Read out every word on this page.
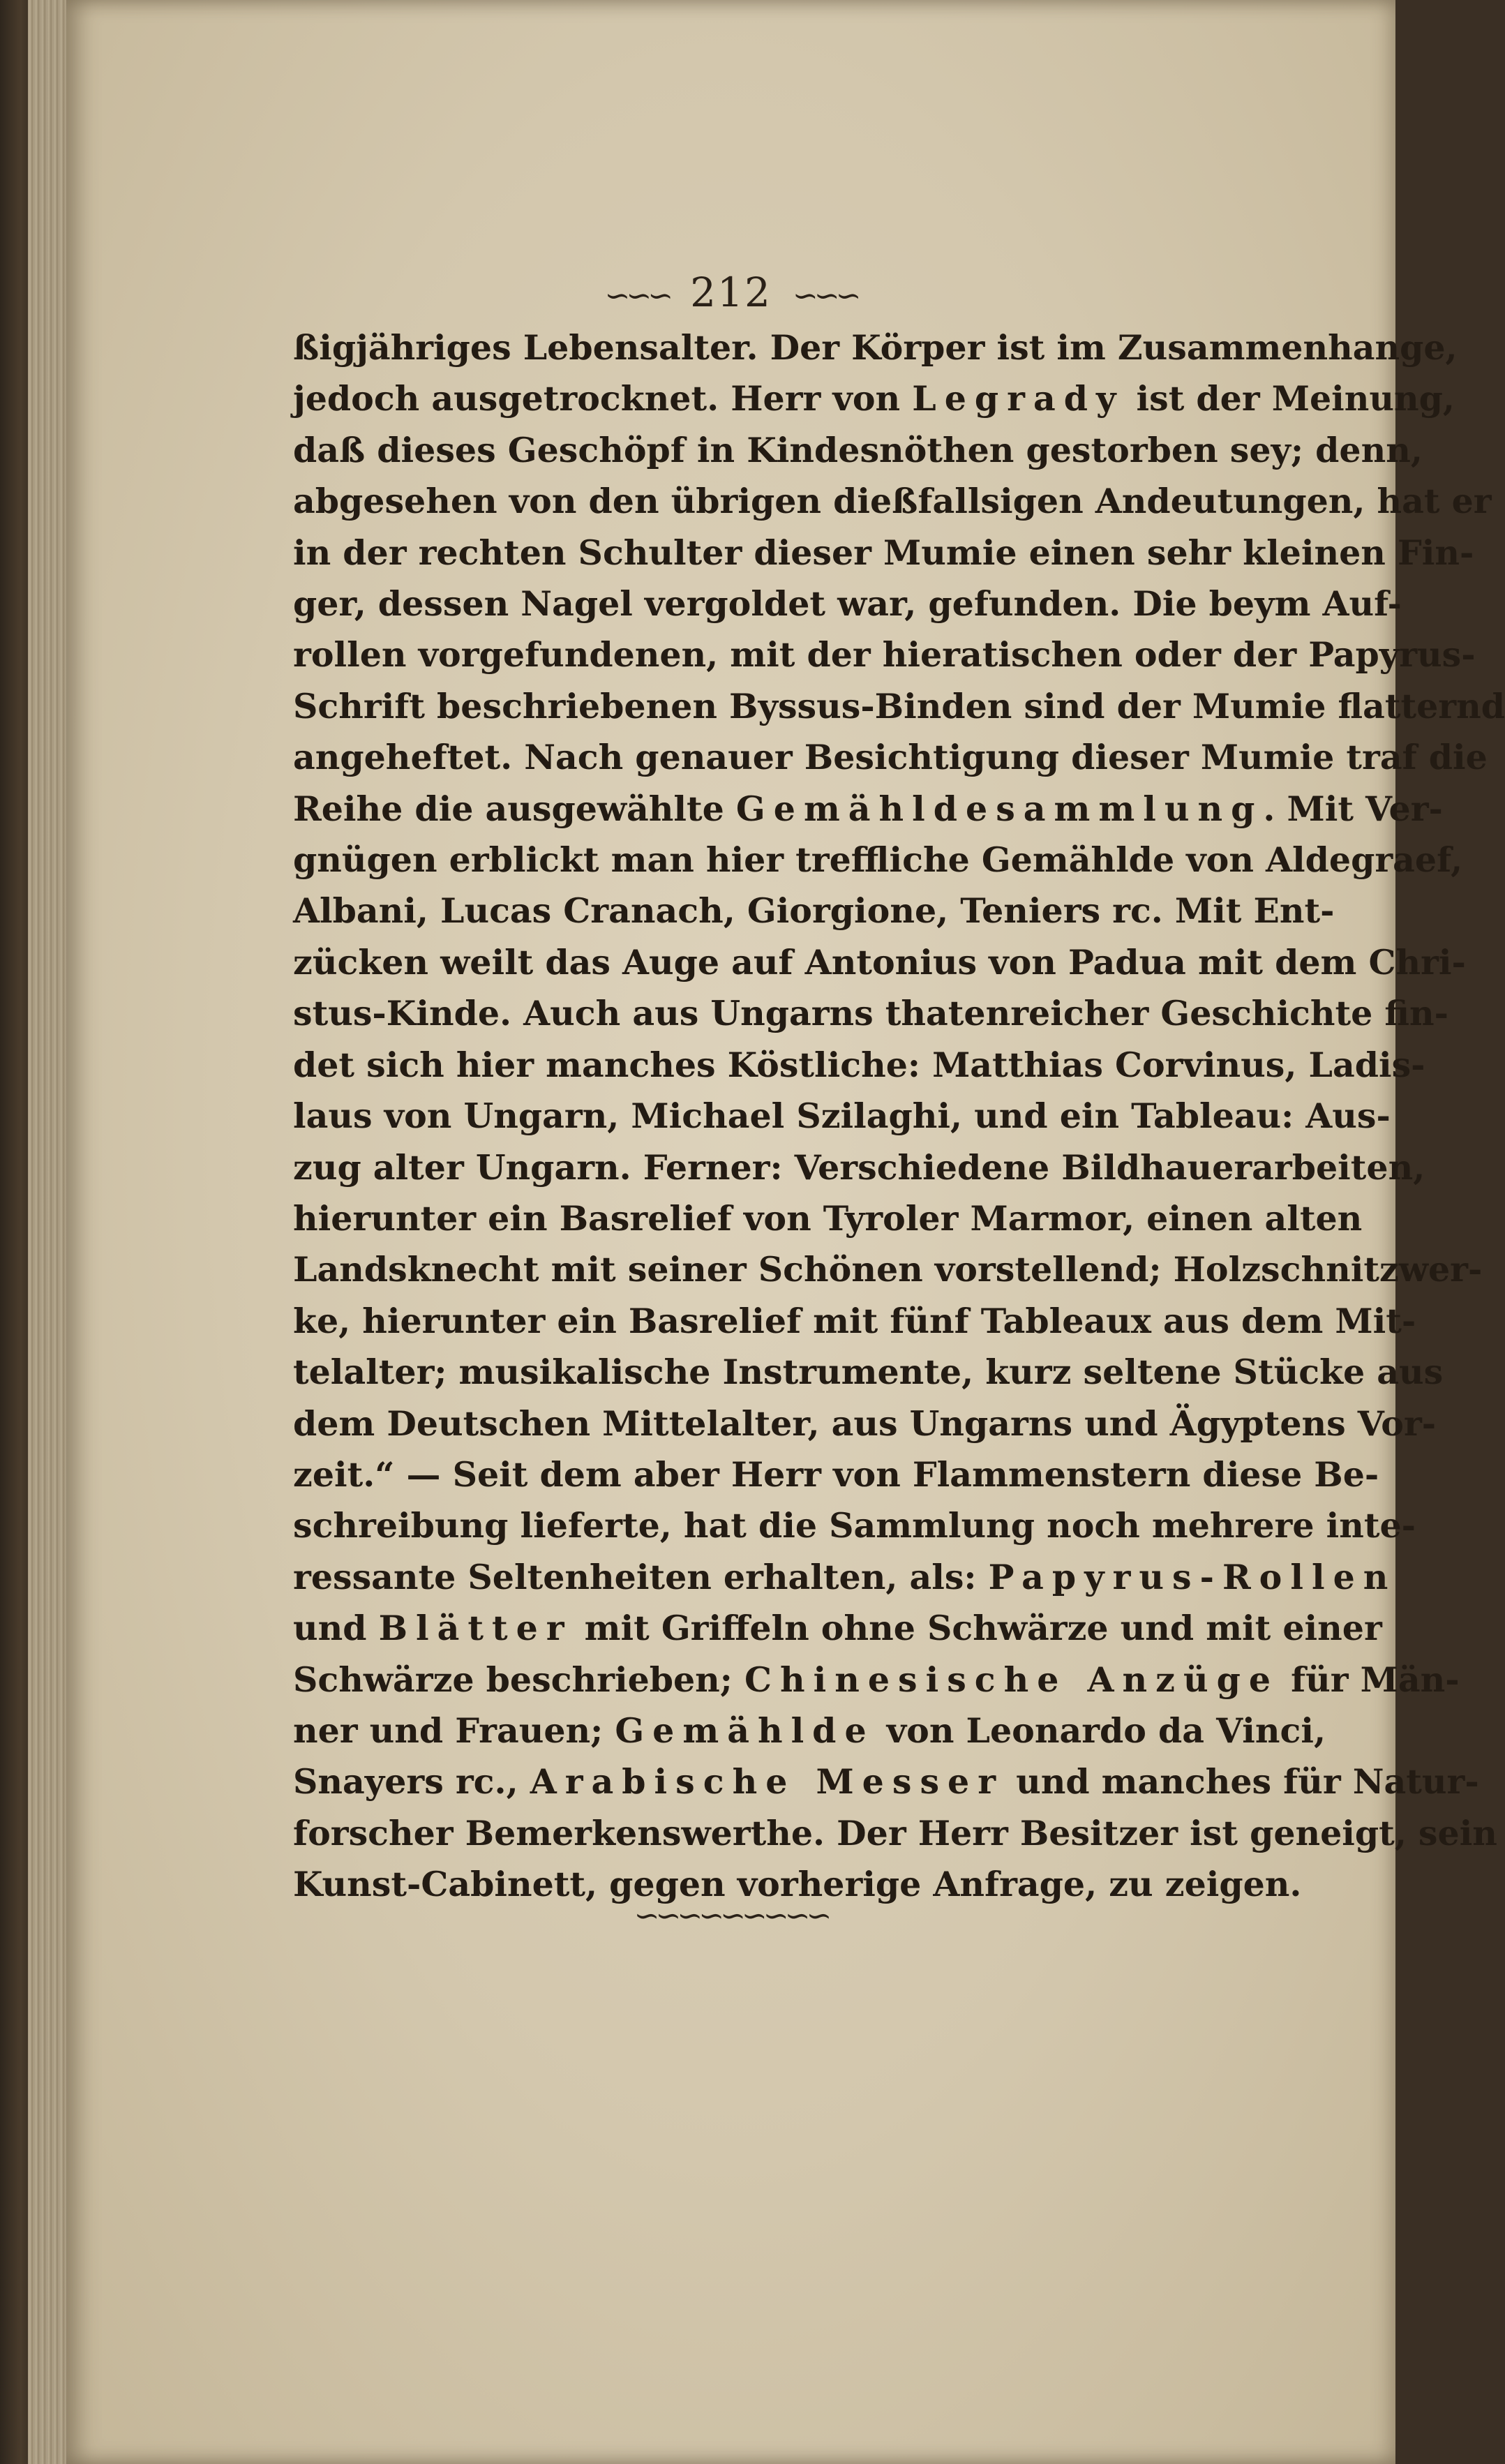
∽∽∽ 212 ∽∽∽
ßigjähriges Lebensalter. Der Körper ist im Zusammenhange,
jedoch ausgetrocknet. Herr von Legrady ist der Meinung,
daß dieses Geschöpf in Kindesnöthen gestorben sey; denn,
abgesehen von den übrigen dießfallsigen Andeutungen, hat er
in der rechten Schulter dieser Mumie einen sehr kleinen Fin-
ger, dessen Nagel vergoldet war, gefunden. Die beym Auf-
rollen vorgefundenen, mit der hieratischen oder der Papyrus-
Schrift beschriebenen Byssus-Binden sind der Mumie flatternd
angeheftet. Nach genauer Besichtigung dieser Mumie traf die
Reihe die ausgewählte Gemähldesammlung. Mit Ver-
gnügen erblickt man hier treffliche Gemählde von Aldegraef,
Albani, Lucas Cranach, Giorgione, Teniers rc. Mit Ent-
zücken weilt das Auge auf Antonius von Padua mit dem Chri-
stus-Kinde. Auch aus Ungarns thatenreicher Geschichte fin-
det sich hier manches Köstliche: Matthias Corvinus, Ladis-
laus von Ungarn, Michael Szilaghi, und ein Tableau: Aus-
zug alter Ungarn. Ferner: Verschiedene Bildhauerarbeiten,
hierunter ein Basrelief von Tyroler Marmor, einen alten
Landsknecht mit seiner Schönen vorstellend; Holzschnitzwer-
ke, hierunter ein Basrelief mit fünf Tableaux aus dem Mit-
telalter; musikalische Instrumente, kurz seltene Stücke aus
dem Deutschen Mittelalter, aus Ungarns und Ägyptens Vor-
zeit.“ — Seit dem aber Herr von Flammenstern diese Be-
schreibung lieferte, hat die Sammlung noch mehrere inte-
ressante Seltenheiten erhalten, als: Papyrus-Rollen
und Blätter mit Griffeln ohne Schwärze und mit einer
Schwärze beschrieben; Chinesische Anzüge für Män-
ner und Frauen; Gemählde von Leonardo da Vinci,
Snayers rc., Arabische Messer und manches für Natur-
forscher Bemerkenswerthe. Der Herr Besitzer ist geneigt, sein
Kunst-Cabinett, gegen vorherige Anfrage, zu zeigen.
∽∽∽∽∽∽∽∽∽
